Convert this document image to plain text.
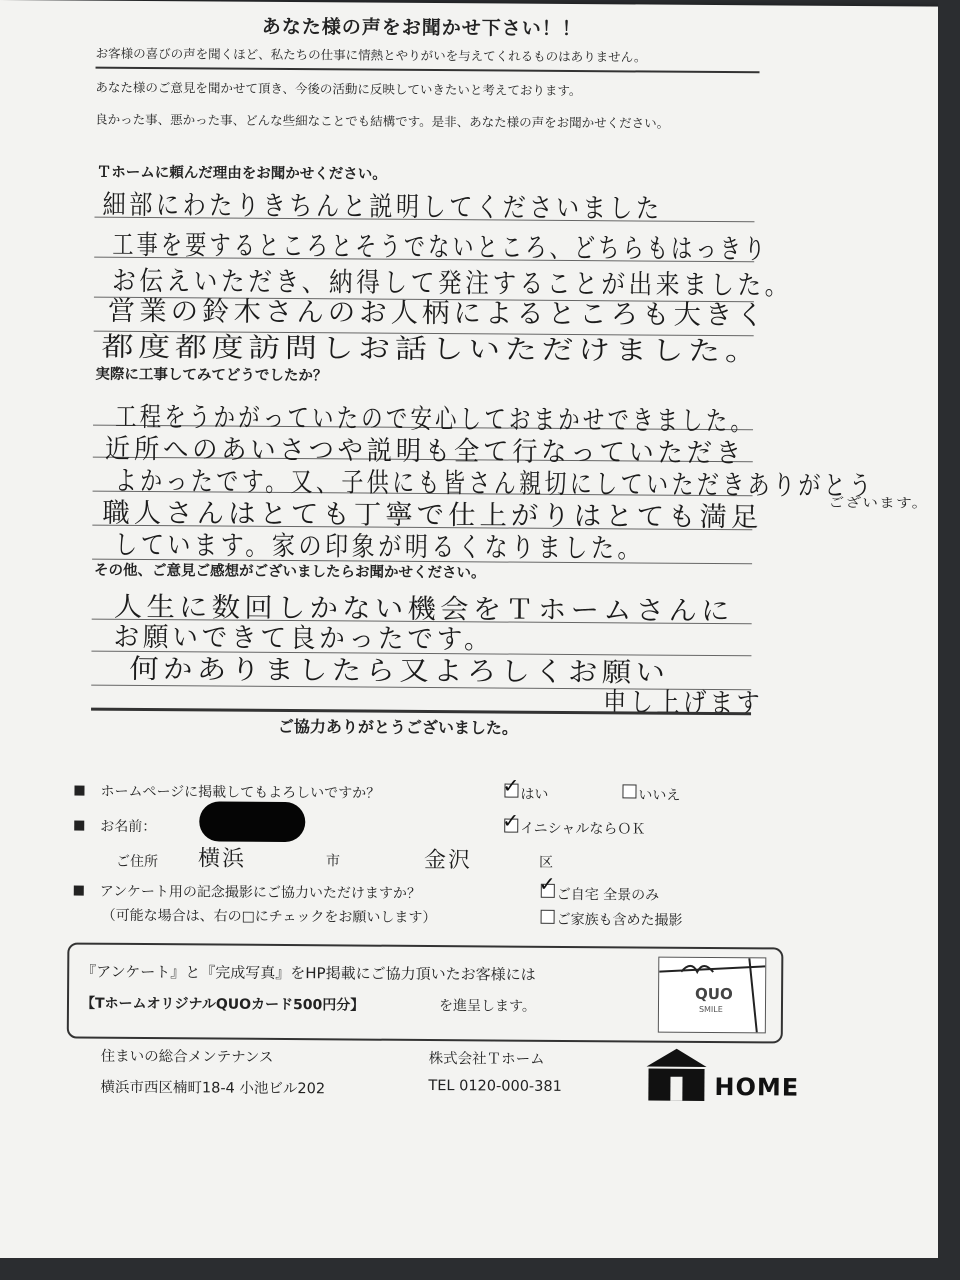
あなた様の声をお聞かせ下さい！！
お客様の喜びの声を聞くほど、私たちの仕事に情熱とやりがいを与えてくれるものはありません。
あなた様のご意見を聞かせて頂き、今後の活動に反映していきたいと考えております。
良かった事、悪かった事、どんな些細なことでも結構です。是非、あなた様の声をお聞かせください。
Ｔホームに頼んだ理由をお聞かせください。
細部にわたりきちんと説明してくださいました
工事を要するところとそうでないところ、どちらもはっきり
お伝えいただき、納得して発注することが出来ました。
営業の鈴木さんのお人柄によるところも大きく
都度都度訪問しお話しいただけました。
実際に工事してみてどうでしたか？
工程をうかがっていたので安心しておまかせできました。
近所へのあいさつや説明も全て行なっていただき
よかったです。又、子供にも皆さん親切にしていただきありがとう
ございます。
職人さんはとても丁寧で仕上がりはとても満足
しています。家の印象が明るくなりました。
その他、ご意見ご感想がございましたらお聞かせください。
人生に数回しかない機会をＴホームさんに
お願いできて良かったです。
何かありましたら又よろしくお願い
申し上げます
ご協力ありがとうございました。
ホームページに掲載してもよろしいですか？	✓ はい	いいえ
お名前：	✓ イニシャルならＯＫ
ご住所 横浜	市	金沢	区
アンケート用の記念撮影にご協力いただけますか？
（可能な場合は、右の□にチェックをお願いします）
✓ ご自宅 全景のみ
ご家族も含めた撮影
『アンケート』と『完成写真』をHP掲載にご協力頂いたお客様には
【TホームオリジナルQUOカード500円分】	を進呈します。
QUO
SMILE
住まいの総合メンテナンス	株式会社Ｔホーム
横浜市西区楠町18-4 小池ビル202	TEL 0120-000-381	HOME
